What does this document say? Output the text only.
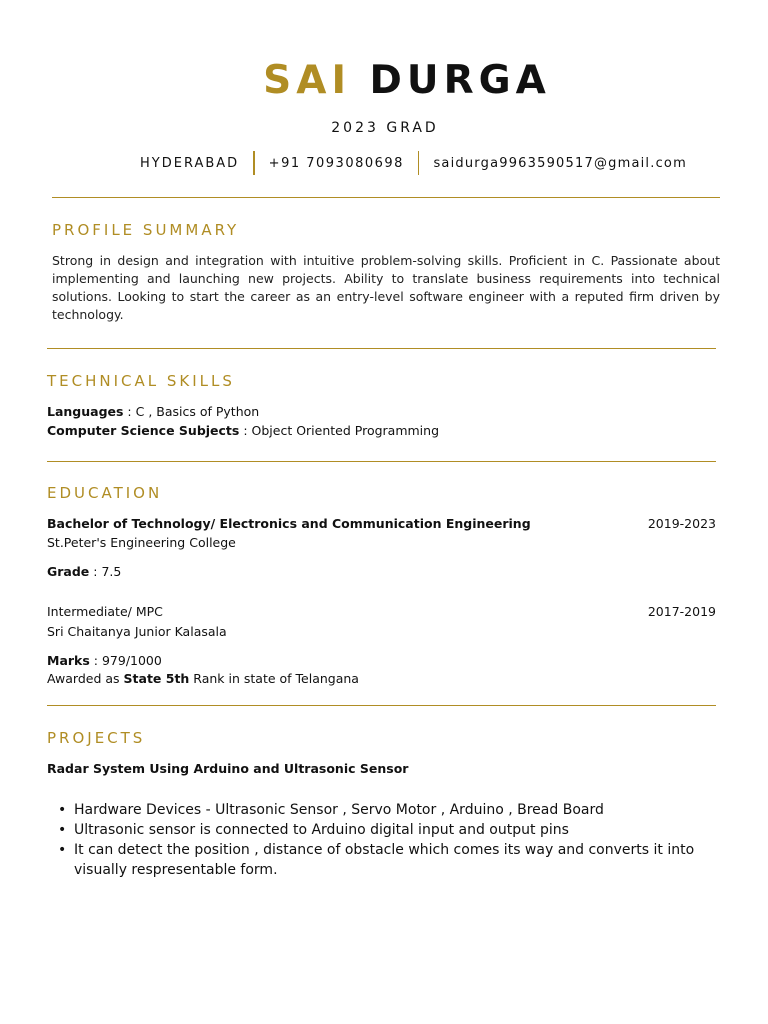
SAI DURGA
2023 GRAD
HYDERABAD +91 7093080698 saidurga9963590517@gmail.com
PROFILE SUMMARY

Strong in design and integration with intuitive problem-solving skills. Proficient in C. Passionate about implementing and launching new projects. Ability to translate business requirements into technical solutions. Looking to start the career as an entry-level software engineer with a reputed firm driven by technology.

TECHNICAL SKILLS
Languages : C , Basics of Python
Computer Science Subjects : Object Oriented Programming
EDUCATION
Bachelor of Technology/ Electronics and Communication Engineering	2019-2023
St.Peter's Engineering College
Grade : 7.5
Intermediate/ MPC	2017-2019
Sri Chaitanya Junior Kalasala
Marks : 979/1000
Awarded as State 5th Rank in state of Telangana
PROJECTS
Radar System Using Arduino and Ultrasonic Sensor
• Hardware Devices - Ultrasonic Sensor , Servo Motor , Arduino , Bread Board
• Ultrasonic sensor is connected to Arduino digital input and output pins
• It can detect the position , distance of obstacle which comes its way and converts it into visually respresentable form.
